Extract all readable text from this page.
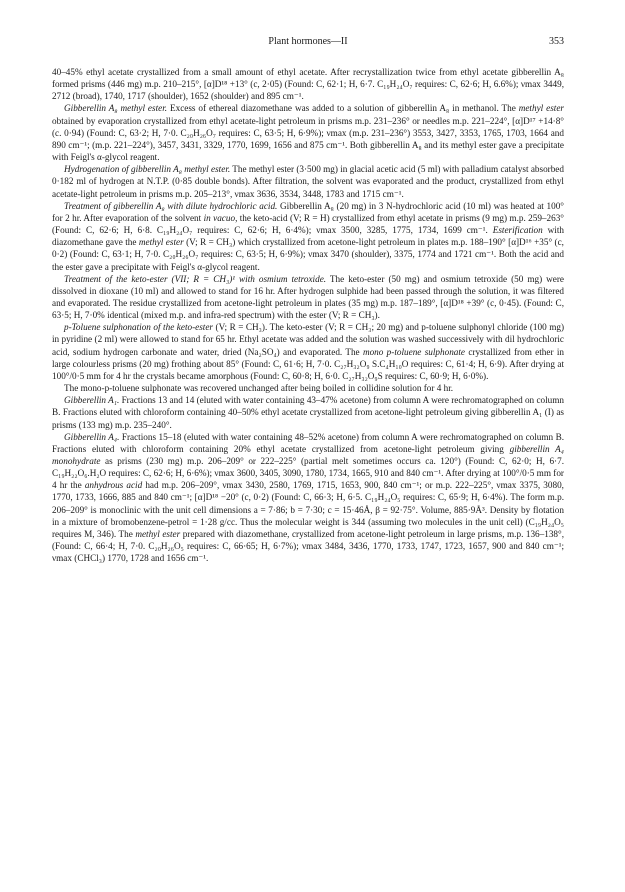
Plant hormones—II	353

40–45% ethyl acetate crystallized from a small amount of ethyl acetate. After recrystallization twice from ethyl acetate gibberellin A₈ formed prisms (446 mg) m.p. 210–215°, [α]D¹⁸ +13° (c, 2·05) (Found: C, 62·1; H, 6·7. C₁₉H₂₄O₇ requires: C, 62·6; H, 6.6%); νmax 3449, 2712 (broad), 1740, 1717 (shoulder), 1652 (shoulder) and 895 cm⁻¹.

Gibberellin A₈ methyl ester. Excess of ethereal diazomethane was added to a solution of gibberellin A₈ in methanol. The methyl ester obtained by evaporation crystallized from ethyl acetate-light petroleum in prisms m.p. 231–236° or needles m.p. 221–224°, [α]D¹⁷ +14·8° (c. 0·94) (Found: C, 63·2; H, 7·0. C₂₀H₂₆O₇ requires: C, 63·5; H, 6·9%); νmax (m.p. 231–236°) 3553, 3427, 3353, 1765, 1703, 1664 and 890 cm⁻¹; (m.p. 221–224°), 3457, 3431, 3329, 1770, 1699, 1656 and 875 cm⁻¹. Both gibberellin A₈ and its methyl ester gave a precipitate with Feigl's α-glycol reagent.

Hydrogenation of gibberellin A₈ methyl ester. The methyl ester (3·500 mg) in glacial acetic acid (5 ml) with palladium catalyst absorbed 0·182 ml of hydrogen at N.T.P. (0·85 double bonds). After filtration, the solvent was evaporated and the product, crystallized from ethyl acetate-light petroleum in prisms m.p. 205–213°, νmax 3636, 3534, 3448, 1783 and 1715 cm⁻¹.

Treatment of gibberellin A₈ with dilute hydrochloric acid. Gibberellin A₈ (20 mg) in 3 N-hydrochloric acid (10 ml) was heated at 100° for 2 hr. After evaporation of the solvent in vacuo, the keto-acid (V; R = H) crystallized from ethyl acetate in prisms (9 mg) m.p. 259–263° (Found: C, 62·6; H, 6·8. C₁₉H₂₄O₇ requires: C, 62·6; H, 6·4%); νmax 3500, 3285, 1775, 1734, 1699 cm⁻¹. Esterification with diazomethane gave the methyl ester (V; R = CH₃) which crystallized from acetone-light petroleum in plates m.p. 188–190° [α]D¹⁶ +35° (c, 0·2) (Found: C, 63·1; H, 7·0. C₂₀H₂₆O₇ requires: C, 63·5; H, 6·9%); νmax 3470 (shoulder), 3375, 1774 and 1721 cm⁻¹. Both the acid and the ester gave a precipitate with Feigl's α-glycol reagent.

Treatment of the keto-ester (VII; R = CH₃)¹ with osmium tetroxide. The keto-ester (50 mg) and osmium tetroxide (50 mg) were dissolved in dioxane (10 ml) and allowed to stand for 16 hr. After hydrogen sulphide had been passed through the solution, it was filtered and evaporated. The residue crystallized from acetone-light petroleum in plates (35 mg) m.p. 187–189°, [α]D¹⁸ +39° (c, 0·45). (Found: C, 63·5; H, 7·0% identical (mixed m.p. and infra-red spectrum) with the ester (V; R = CH₃).

p-Toluene sulphonation of the keto-ester (V; R = CH₃). The keto-ester (V; R = CH₃; 20 mg) and p-toluene sulphonyl chloride (100 mg) in pyridine (2 ml) were allowed to stand for 65 hr. Ethyl acetate was added and the solution was washed successively with dil hydrochloric acid, sodium hydrogen carbonate and water, dried (Na₂SO₄) and evaporated. The mono p-toluene sulphonate crystallized from ether in large colourless prisms (20 mg) frothing about 85° (Found: C, 61·6; H, 7·0. C₂₇H₃₂O₉ S.C₄H₁₀O requires: C, 61·4; H, 6·9). After drying at 100°/0·5 mm for 4 hr the crystals became amorphous (Found: C, 60·8; H, 6·0. C₂₇H₃₂O₉S requires: C, 60·9; H, 6·0%).

The mono-p-toluene sulphonate was recovered unchanged after being boiled in collidine solution for 4 hr.

Gibberellin A₁. Fractions 13 and 14 (eluted with water containing 43–47% acetone) from column A were rechromatographed on column B. Fractions eluted with chloroform containing 40–50% ethyl acetate crystallized from acetone-light petroleum giving gibberellin A₁ (I) as prisms (133 mg) m.p. 235–240°.

Gibberellin A₄. Fractions 15–18 (eluted with water containing 48–52% acetone) from column A were rechromatographed on column B. Fractions eluted with chloroform containing 20% ethyl acetate crystallized from acetone-light petroleum giving gibberellin A₄ monohydrate as prisms (230 mg) m.p. 206–209° or 222–225° (partial melt sometimes occurs ca. 120°) (Found: C, 62·0; H, 6·7. C₁₉H₂₂O₆.H₂O requires: C, 62·6; H, 6·6%); νmax 3600, 3405, 3090, 1780, 1734, 1665, 910 and 840 cm⁻¹. After drying at 100°/0·5 mm for 4 hr the anhydrous acid had m.p. 206–209°, νmax 3430, 2580, 1769, 1715, 1653, 900, 840 cm⁻¹; or m.p. 222–225°, νmax 3375, 3080, 1770, 1733, 1666, 885 and 840 cm⁻¹; [α]D¹⁸ −20° (c, 0·2) (Found: C, 66·3; H, 6·5. C₁₉H₂₄O₅ requires: C, 65·9; H, 6·4%). The form m.p. 206–209° is monoclinic with the unit cell dimensions a = 7·86; b = 7·30; c = 15·46Å, β = 92·75°. Volume, 885·9Å³. Density by flotation in a mixture of bromobenzene-petrol = 1·28 g/cc. Thus the molecular weight is 344 (assuming two molecules in the unit cell) (C₁₉H₂₄O₅ requires M, 346). The methyl ester prepared with diazomethane, crystallized from acetone-light petroleum in large prisms, m.p. 136–138°, (Found: C, 66·4; H, 7·0. C₂₀H₂₆O₅ requires: C, 66·65; H, 6·7%); νmax 3484, 3436, 1770, 1733, 1747, 1723, 1657, 900 and 840 cm⁻¹; νmax (CHCl₃) 1770, 1728 and 1656 cm⁻¹.
